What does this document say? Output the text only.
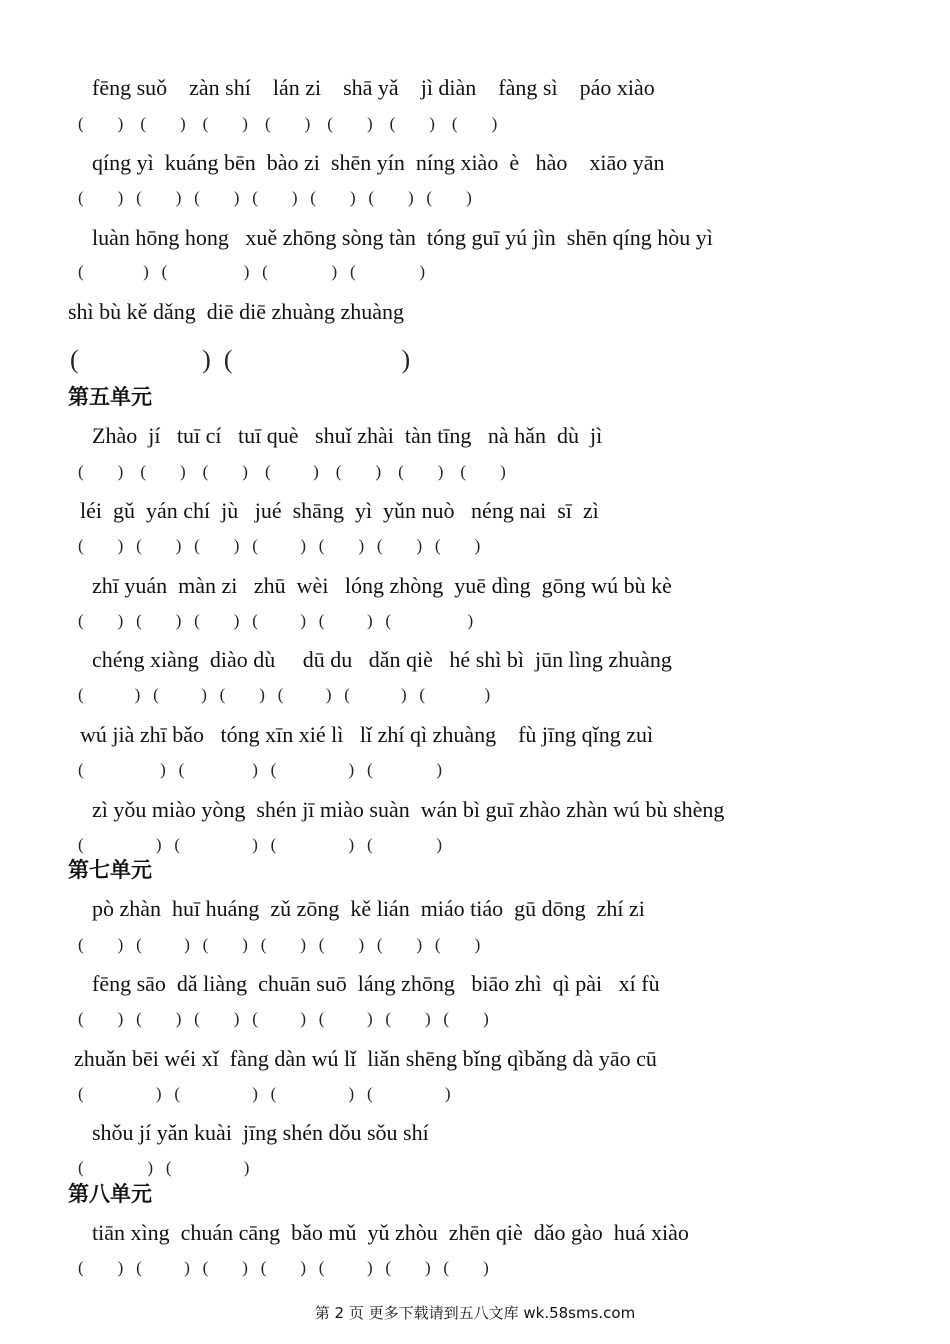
fēng suǒ    zàn shí    lán zi    shā yǎ    jì diàn    fàng sì    páo xiào
(        )    (        )    (        )    (        )    (        )    (        )    (        )
qíng yì  kuáng bēn  bào zi  shēn yín  níng xiào  è   hào    xiāo yān
(        )   (        )   (        )   (        )   (        )   (        )   (        )
luàn hōng hong   xuě zhōng sòng tàn  tóng guī yú jìn  shēn qíng hòu yì
(              )   (                  )   (               )   (               )
shì bù kě dǎng  diē diē zhuàng zhuàng
(                   )  (                          )
第五单元
Zhào  jí   tuī cí   tuī què   shuǐ zhài  tàn tīng   nà hǎn  dù  jì
(        )    (        )    (        )    (          )    (        )    (        )    (        )
léi  gǔ  yán chí  jù   jué  shāng  yì  yǔn nuò   néng nai  sī  zì
(        )   (        )   (        )   (          )   (        )   (        )   (        )
zhī yuán  màn zi   zhū  wèi   lóng zhòng  yuē dìng  gōng wú bù kè
(        )   (        )   (        )   (          )   (          )   (                  )
chéng xiàng  diào dù     dū du   dǎn qiè   hé shì bì  jūn lìng zhuàng
(            )   (          )   (        )   (          )   (            )   (              )
wú jià zhī bǎo   tóng xīn xié lì   lǐ zhí qì zhuàng    fù jīng qǐng zuì
(                  )   (                )   (                 )   (               )
zì yǒu miào yòng  shén jī miào suàn  wán bì guī zhào zhàn wú bù shèng
(                 )   (                 )   (                 )   (               )
第七单元
pò zhàn  huī huáng  zǔ zōng  kě lián  miáo tiáo  gū dōng  zhí zi
(        )   (          )   (        )   (        )   (        )   (        )   (        )
fēng sāo  dǎ liàng  chuān suō  láng zhōng   biāo zhì  qì pài   xí fù
(        )   (        )   (        )   (          )   (          )   (        )   (        )
zhuǎn bēi wéi xǐ  fàng dàn wú lǐ  liǎn shēng bǐng qìbǎng dà yāo cū
(                 )   (                 )   (                 )   (                 )
shǒu jí yǎn kuài  jīng shén dǒu sǒu shí
(               )   (                 )
第八单元
tiān xìng  chuán cāng  bǎo mǔ  yǔ zhòu  zhēn qiè  dǎo gào  huá xiào
(        )   (          )   (        )   (        )   (          )   (        )   (        )
第 2 页 更多下载请到五八文库 wk.58sms.com
